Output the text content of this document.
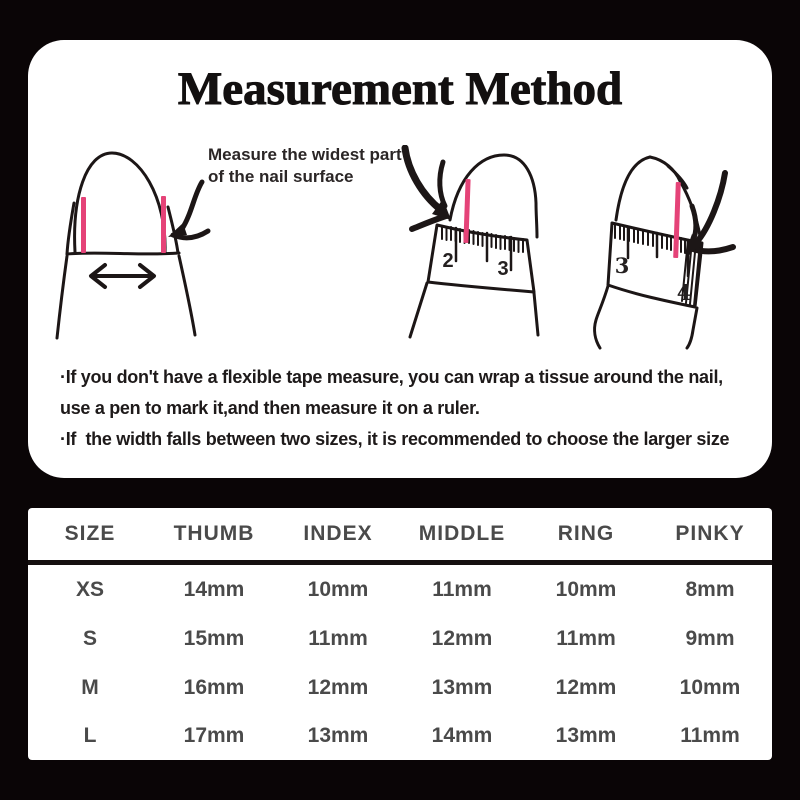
Measurement Method
Measure the widest part
of the nail surface
2 3	3
4
·If you don't have a flexible tape measure, you can wrap a tissue around the nail,
use a pen to mark it,and then measure it on a ruler.
·If  the width falls between two sizes, it is recommended to choose the larger size
SIZE	THUMB	INDEX	MIDDLE	RING	PINKY
XS	14mm	10mm	11mm	10mm	8mm
S	15mm	11mm	12mm	11mm	9mm
M	16mm	12mm	13mm	12mm	10mm
L	17mm	13mm	14mm	13mm	11mm
